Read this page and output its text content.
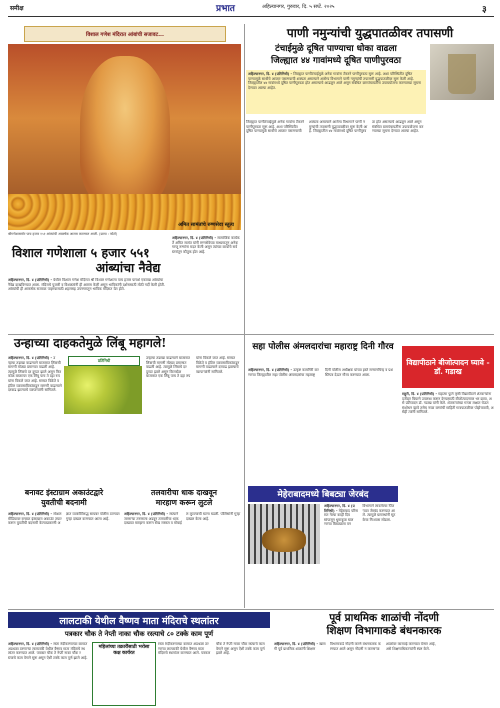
समीक्ष	प्रभात	अहिल्यानगर, गुरुवार, दि. ५ सप्टें. २०२५	३
विशाल गणेश मंदिरात आंबांची सजावट...
श्रीगणेशासमोर पाच हजार १५१ आंब्यांची आकर्षक आरास करण्यात आली. (छाया : फोटो)
विशाल गणेशाला ५ हजार ५५१
आंब्यांचा नैवेद्य
अहिल्यानगर, दि. ४ (प्रतिनिधी) - येथील विशाल गणेश मंदिरात श्री विशाल गणेशाला पाच हजार पाचशे एकावन्न आंब्यांचा नैवेद्य दाखविण्यात आला. मंदिराचे पुजारी व विश्वस्तांनी ही आरास केली असून भाविकांनी दर्शनासाठी मोठी गर्दी केली होती. आंब्यांची ही आकर्षक सजावट पाहण्यासाठी शहरासह उपनगरातून भाविक मंदिरात येत होते.
अमित सामंतांचे रुग्णसेवा स्तुत्य
अहिल्यानगर, दि. ४ (प्रतिनिधी) - सामाजिक कार्यकर्ते अमित सामंत यांनी रुग्णसेवेच्या माध्यमातून अनेक गरजू रुग्णांना मदत केली असून त्यांच्या कार्याचे सर्व स्तरांतून कौतुक होत आहे.
पाणी नमुन्यांची युद्धपातळीवर तपासणी
टंचाईमुळे दूषित पाण्याचा धोका वाढला
जिल्ह्यात ४४ गावांमध्ये दूषित पाणीपुरवठा
अहिल्यानगर, दि. ४ (प्रतिनिधी) - जिल्ह्यात पाणीटंचाईमुळे अनेक गावांना टँकरने पाणीपुरवठा सुरू आहे. अशा परिस्थितीत दूषित पाण्यामुळे साथीचे आजार पसरण्याची शक्यता असल्याने आरोग्य विभागाने पाणी नमुन्यांची तपासणी युद्धपातळीवर सुरू केली आहे. जिल्ह्यातील ४४ गावांमध्ये दूषित पाणीपुरवठा होत असल्याचे आढळून आले असून संबंधित ग्रामपंचायतींना उपाययोजना करण्याच्या सूचना देण्यात आल्या आहेत.
जिल्ह्यात पाणीटंचाईमुळे अनेक गावांना टँकरने पाणीपुरवठा सुरू आहे. अशा परिस्थितीत दूषित पाण्यामुळे साथीचे आजार पसरण्याची शक्यता असल्याने आरोग्य विभागाने पाणी नमुन्यांची तपासणी युद्धपातळीवर सुरू केली आहे. जिल्ह्यातील ४४ गावांमध्ये दूषित पाणीपुरवठा होत असल्याचे आढळून आले असून संबंधित ग्रामपंचायतींना उपाययोजना करण्याच्या सूचना देण्यात आल्या आहेत.
उन्हाच्या दाहकतेमुळे लिंबू महागले!
प्रतिनिधी
अहिल्यानगर, दि. ४ (प्रतिनिधी) - उन्हाचा तडाखा वाढल्याने बाजारात लिंबाची मागणी मोठ्या प्रमाणात वाढली आहे. त्यामुळे लिंबाचे दर दुप्पट झाले असून किरकोळ बाजारात एक लिंबू पाच ते दहा रुपयांना विकले जात आहे. सरबत विक्रेते व हॉटेल व्यावसायिकांकडून मागणी वाढल्याने दरवाढ झाल्याचे व्यापाऱ्यांनी सांगितले.
उन्हाचा तडाखा वाढल्याने बाजारात लिंबाची मागणी मोठ्या प्रमाणात वाढली आहे. त्यामुळे लिंबाचे दर दुप्पट झाले असून किरकोळ बाजारात एक लिंबू पाच ते दहा रुपयांना विकले जात आहे. सरबत विक्रेते व हॉटेल व्यावसायिकांकडून मागणी वाढल्याने दरवाढ झाल्याचे व्यापाऱ्यांनी सांगितले.
सहा पोलीस अंमलदारांचा महाराष्ट्र दिनी गौरव
अहिल्यानगर, दि. ४ (प्रतिनिधी) - उत्कृष्ट कामगिरी करणाऱ्या जिल्ह्यातील सहा पोलीस अंमलदारांचा महाराष्ट्र दिनी पोलीस अधीक्षक यांच्या हस्ते सन्मानचिन्ह व प्रशस्तिपत्र देऊन गौरव करण्यात आला.
विद्यापीठाने बीजोत्पादन घ्यावे - डॉ. गडाख
राहुरी, दि. ४ (प्रतिनिधी) - महात्मा फुले कृषी विद्यापीठाने शेतकऱ्यांना दर्जेदार बियाणे उपलब्ध करून देण्यासाठी बीजोत्पादनावर भर द्यावा, असे प्रतिपादन डॉ. गडाख यांनी केले. शेतकऱ्यांच्या गरजा लक्षात घेऊन संशोधन व्हावे तसेच नव्या वाणांची माहिती गावपातळीवर पोहोचवावी, असेही त्यांनी सांगितले.
बनावट इंस्टाग्राम अकाउंटद्वारे
युवतीची बदनामी
अहिल्यानगर, दि. ४ (प्रतिनिधी) - सोशल मीडियावर बनावट इंस्टाग्राम अकाउंट तयार करून युवतीची बदनामी केल्याप्रकरणी अज्ञात व्यक्तीविरुद्ध सायबर पोलीस ठाण्यात गुन्हा दाखल करण्यात आला आहे.
तलवारीचा धाक दाखवून
मारहाण करून लुटले
अहिल्यानगर, दि. ४ (प्रतिनिधी) - रस्त्याने जाणाऱ्या तरुणाला अडवून तलवारीचा धाक दाखवत मारहाण करून रोख रक्कम व मोबाईल लुटल्याची घटना घडली. पोलिसांनी गुन्हा दाखल केला आहे.
मेहेराबादमध्ये बिबट्या जेरबंद
अहिल्यानगर, दि. ४ (प्रतिनिधी) - मेहेराबाद परिसरात गेल्या काही दिवसांपासून धुमाकूळ घालणाऱ्या बिबट्याला वनविभागाने लावलेल्या पिंजऱ्यात जेरबंद करण्यात आले. त्यामुळे ग्रामस्थांनी सुटकेचा निःश्वास सोडला.
लालटाकी येथील वैष्णव माता मंदिराचे स्थलांतर
पत्रकार चौक ते नेप्ती नाका चौक रस्त्याचे ८० टक्के काम पूर्ण
अहिल्यानगर, दि. ४ (प्रतिनिधी) - रस्ता रुंदीकरणाच्या कामात अडथळा ठरणाऱ्या लालटाकी येथील वैष्णव माता मंदिराचे स्थलांतर करण्यात आले. पत्रकार चौक ते नेप्ती नाका चौक रस्त्याचे काम वेगाने सुरू असून ऐंशी टक्के काम पूर्ण झाले आहे.
महिलांच्या तक्रारींसाठी भरोसा कक्ष कार्यरत
रस्ता रुंदीकरणाच्या कामात अडथळा ठरणाऱ्या लालटाकी येथील वैष्णव माता मंदिराचे स्थलांतर करण्यात आले. पत्रकार चौक ते नेप्ती नाका चौक रस्त्याचे काम वेगाने सुरू असून ऐंशी टक्के काम पूर्ण झाले आहे.
पूर्व प्राथमिक शाळांची नोंदणी
शिक्षण विभागाकडे बंधनकारक
अहिल्यानगर, दि. ४ (प्रतिनिधी) - खासगी पूर्व प्राथमिक शाळांनी शिक्षण विभागाकडे नोंदणी करणे बंधनकारक करण्यात आले असून नोंदणी न करणाऱ्या शाळांवर कारवाई करण्यात येणार आहे, असे शिक्षणाधिकाऱ्यांनी स्पष्ट केले.
